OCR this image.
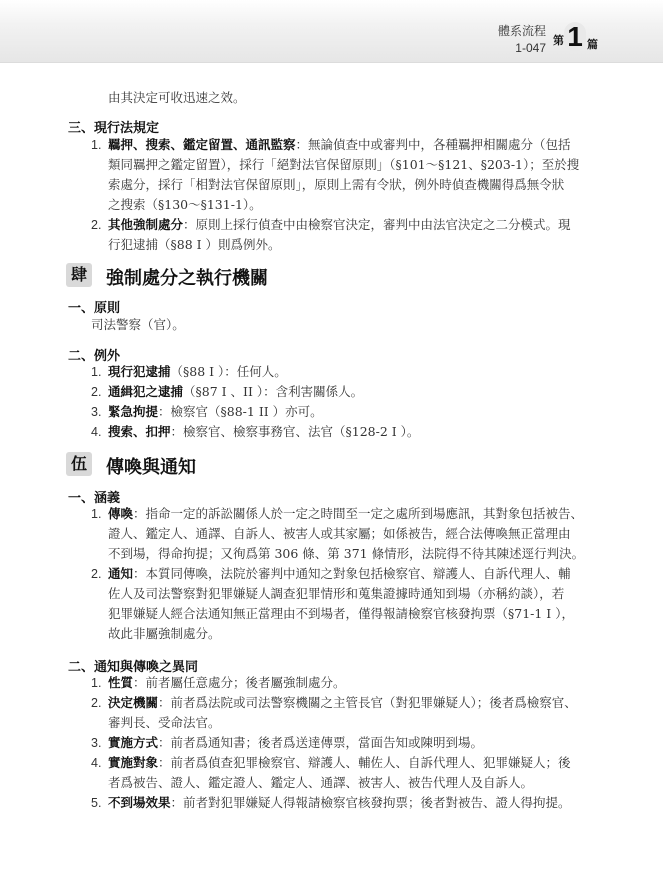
體系流程
1-047 第 1 篇
由其決定可收迅速之效。
三、現行法規定
1. 羈押、搜索、鑑定留置、通訊監察：無論偵查中或審判中，各種羈押相關處分（包括
類同羈押之鑑定留置），採行「絕對法官保留原則」（§101～§121、§203-1）；至於搜
索處分，採行「相對法官保留原則」，原則上需有令狀，例外時偵查機關得爲無令狀
之搜索（§130～§131-1）。
2. 其他強制處分：原則上採行偵查中由檢察官決定，審判中由法官決定之二分模式。現
行犯逮捕（§88 I ）則爲例外。
肆 強制處分之執行機關
一、原則
司法警察（官）。
二、例外
1. 現行犯逮捕（§88 I ）：任何人。
2. 通緝犯之逮捕（§87 I 、II ）：含利害關係人。
3. 緊急拘提：檢察官（§88-1 II ）亦可。
4. 搜索、扣押：檢察官、檢察事務官、法官（§128-2 I ）。
伍 傳喚與通知
一、涵義
1. 傳喚：指命一定的訴訟關係人於一定之時間至一定之處所到場應訊，其對象包括被告、
證人、鑑定人、通譯、自訴人、被害人或其家屬；如係被告，經合法傳喚無正當理由
不到場，得命拘提；又徇爲第 306 條、第 371 條情形，法院得不待其陳述逕行判決。
2. 通知：本質同傳喚，法院於審判中通知之對象包括檢察官、辯護人、自訴代理人、輔
佐人及司法警察對犯罪嫌疑人調查犯罪情形和蒐集證據時通知到場（亦稱約談），若
犯罪嫌疑人經合法通知無正當理由不到場者，僅得報請檢察官核發拘票（§71-1 I ），
故此非屬強制處分。
二、通知與傳喚之異同
1. 性質：前者屬任意處分；後者屬強制處分。
2. 決定機關：前者爲法院或司法警察機關之主管長官（對犯罪嫌疑人）；後者爲檢察官、
審判長、受命法官。
3. 實施方式：前者爲通知書；後者爲送達傳票，當面告知或陳明到場。
4. 實施對象：前者爲偵查犯罪檢察官、辯護人、輔佐人、自訴代理人、犯罪嫌疑人；後
者爲被告、證人、鑑定證人、鑑定人、通譯、被害人、被告代理人及自訴人。
5. 不到場效果：前者對犯罪嫌疑人得報請檢察官核發拘票；後者對被告、證人得拘提。
